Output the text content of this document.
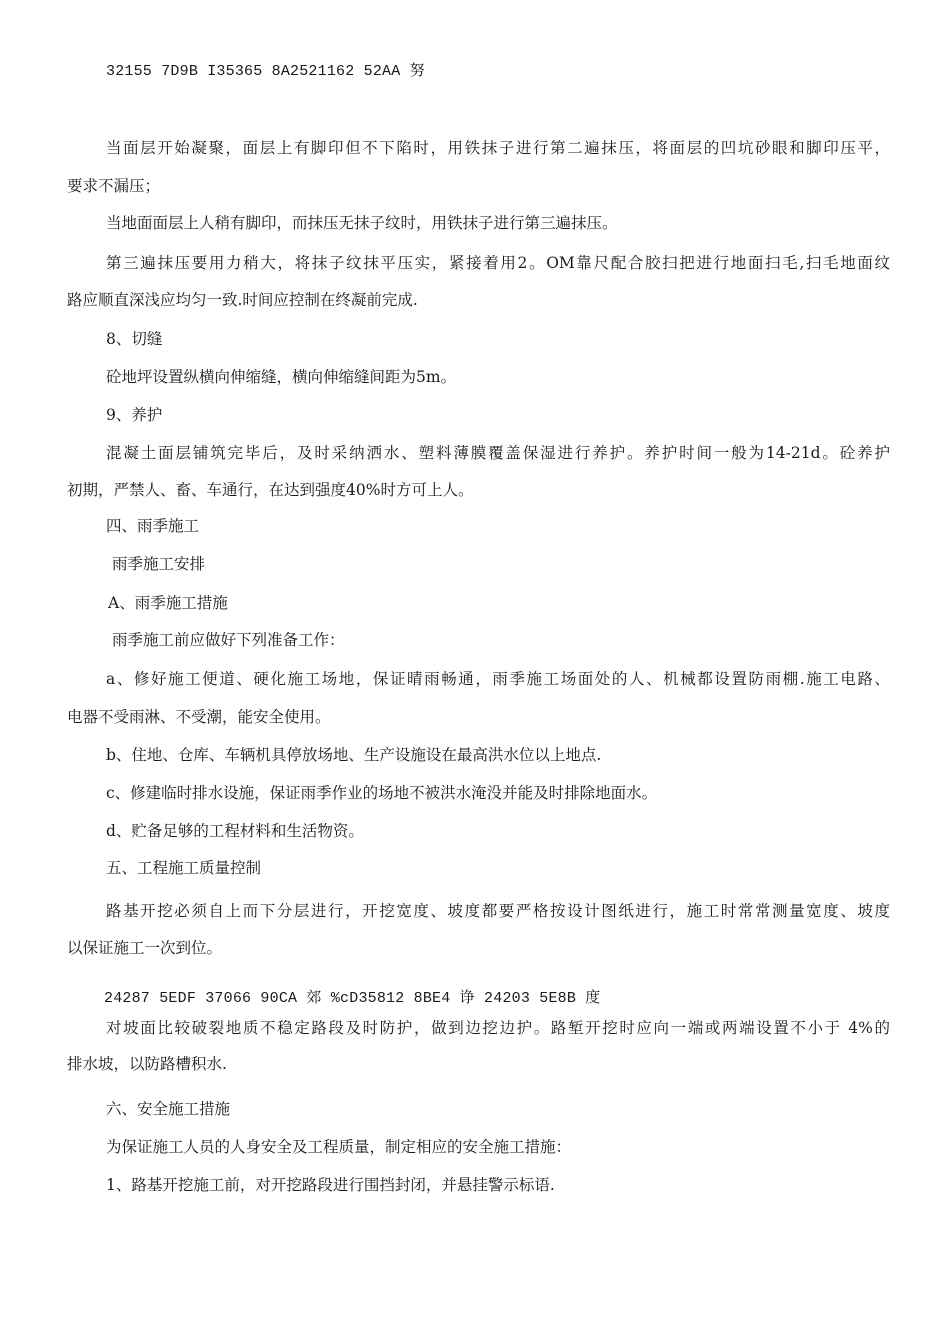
32155 7D9B I35365 8A2521162 52AA 努
当面层开始凝聚，面层上有脚印但不下陷时，用铁抹子进行第二遍抹压，将面层的凹坑砂眼和脚印压平，
要求不漏压；
当地面面层上人稍有脚印，而抹压无抹子纹时，用铁抹子进行第三遍抹压。
第三遍抹压要用力稍大，将抹子纹抹平压实，紧接着用2。OM靠尺配合胶扫把进行地面扫毛,扫毛地面纹
路应顺直深浅应均匀一致.时间应控制在终凝前完成.
8、切缝
砼地坪设置纵横向伸缩缝，横向伸缩缝间距为5m。
9、养护
混凝土面层铺筑完毕后，及时采纳洒水、塑料薄膜覆盖保湿进行养护。养护时间一般为14-21d。砼养护
初期，严禁人、畜、车通行，在达到强度40%时方可上人。
四、雨季施工
雨季施工安排
A、雨季施工措施
雨季施工前应做好下列准备工作：
a、修好施工便道、硬化施工场地，保证晴雨畅通，雨季施工场面处的人、机械都设置防雨棚.施工电路、
电器不受雨淋、不受潮，能安全使用。
b、住地、仓库、车辆机具停放场地、生产设施设在最高洪水位以上地点.
c、修建临时排水设施，保证雨季作业的场地不被洪水淹没并能及时排除地面水。
d、贮备足够的工程材料和生活物资。
五、工程施工质量控制
路基开挖必须自上而下分层进行，开挖宽度、坡度都要严格按设计图纸进行，施工时常常测量宽度、坡度
以保证施工一次到位。
24287 5EDF 37066 90CA 郊 %cD35812 8BE4 诤 24203 5E8B 度
对坡面比较破裂地质不稳定路段及时防护，做到边挖边护。路堑开挖时应向一端或两端设置不小于 4%的
排水坡，以防路槽积水.
六、安全施工措施
为保证施工人员的人身安全及工程质量，制定相应的安全施工措施：
1、路基开挖施工前，对开挖路段进行围挡封闭，并悬挂警示标语.
